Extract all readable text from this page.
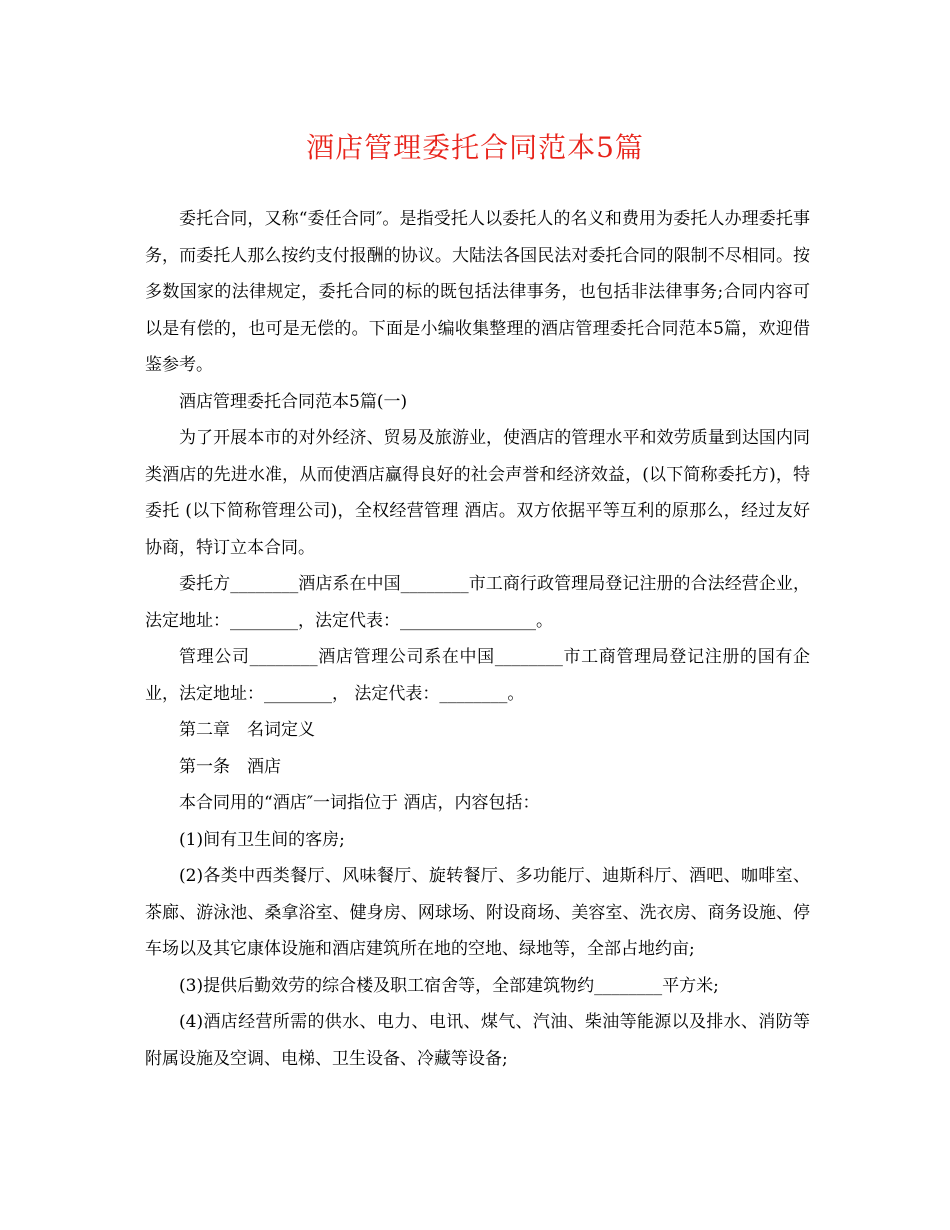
酒店管理委托合同范本5篇

委托合同，又称“委任合同″。是指受托人以委托人的名义和费用为委托人办理委托事务，而委托人那么按约支付报酬的协议。大陆法各国民法对委托合同的限制不尽相同。按多数国家的法律规定，委托合同的标的既包括法律事务，也包括非法律事务;合同内容可以是有偿的，也可是无偿的。下面是小编收集整理的酒店管理委托合同范本5篇，欢迎借鉴参考。

酒店管理委托合同范本5篇(一)

为了开展本市的对外经济、贸易及旅游业，使酒店的管理水平和效劳质量到达国内同类酒店的先进水准，从而使酒店赢得良好的社会声誉和经济效益，(以下简称委托方)，特委托 (以下简称管理公司)，全权经营管理 酒店。双方依据平等互利的原那么，经过友好协商，特订立本合同。

委托方________酒店系在中国________市工商行政管理局登记注册的合法经营企业，法定地址：________，法定代表：________________。

管理公司________酒店管理公司系在中国________市工商管理局登记注册的国有企业，法定地址：________， 法定代表：________。

第二章　名词定义

第一条　酒店

本合同用的“酒店″一词指位于 酒店，内容包括：

(1)间有卫生间的客房;

(2)各类中西类餐厅、风味餐厅、旋转餐厅、多功能厅、迪斯科厅、酒吧、咖啡室、茶廊、游泳池、桑拿浴室、健身房、网球场、附设商场、美容室、洗衣房、商务设施、停车场以及其它康体设施和酒店建筑所在地的空地、绿地等，全部占地约亩;

(3)提供后勤效劳的综合楼及职工宿舍等，全部建筑物约________平方米;

(4)酒店经营所需的供水、电力、电讯、煤气、汽油、柴油等能源以及排水、消防等附属设施及空调、电梯、卫生设备、冷藏等设备;
